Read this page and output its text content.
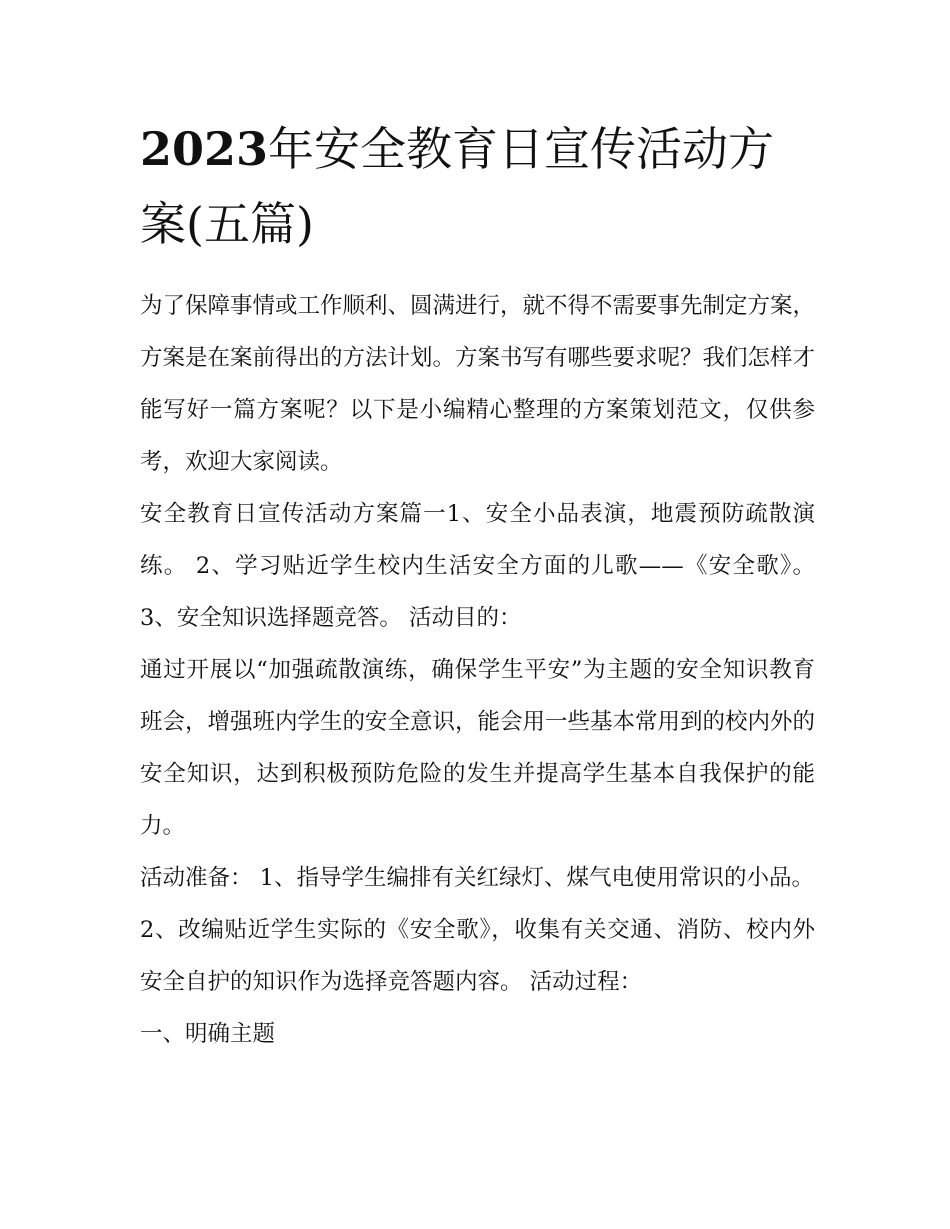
2023年安全教育日宣传活动方案(五篇)

为了保障事情或工作顺利、圆满进行，就不得不需要事先制定方案，方案是在案前得出的方法计划。方案书写有哪些要求呢？我们怎样才能写好一篇方案呢？以下是小编精心整理的方案策划范文，仅供参考，欢迎大家阅读。

安全教育日宣传活动方案篇一1、安全小品表演，地震预防疏散演练。 2、学习贴近学生校内生活安全方面的儿歌——《安全歌》。 3、安全知识选择题竞答。 活动目的：

通过开展以“加强疏散演练，确保学生平安”为主题的安全知识教育班会，增强班内学生的安全意识，能会用一些基本常用到的校内外的安全知识，达到积极预防危险的发生并提高学生基本自我保护的能力。

活动准备： 1、指导学生编排有关红绿灯、煤气电使用常识的小品。

2、改编贴近学生实际的《安全歌》，收集有关交通、消防、校内外安全自护的知识作为选择竞答题内容。 活动过程：

一、明确主题
